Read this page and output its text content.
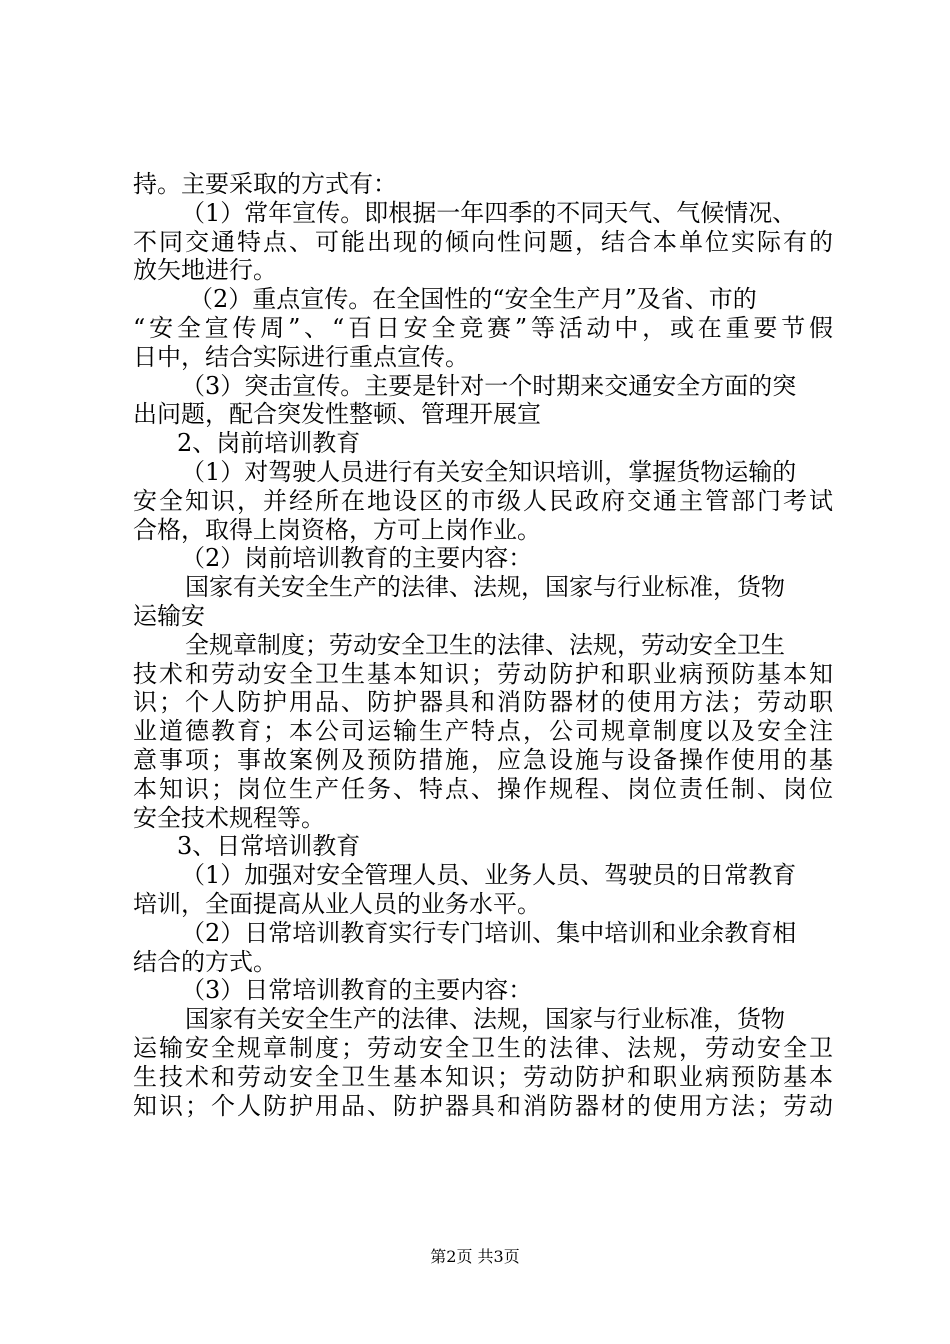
持。主要采取的方式有：
（1）常年宣传。即根据一年四季的不同天气、气候情况、
不同交通特点、可能出现的倾向性问题，结合本单位实际有的
放矢地进行。
（2）重点宣传。在全国性的“安全生产月”及省、市的
“安全宣传周”、“百日安全竞赛”等活动中，或在重要节假
日中，结合实际进行重点宣传。
（3）突击宣传。主要是针对一个时期来交通安全方面的突
出问题，配合突发性整顿、管理开展宣
2、岗前培训教育
（1）对驾驶人员进行有关安全知识培训，掌握货物运输的
安全知识，并经所在地设区的市级人民政府交通主管部门考试
合格，取得上岗资格，方可上岗作业。
（2）岗前培训教育的主要内容：
国家有关安全生产的法律、法规，国家与行业标准，货物
运输安
全规章制度；劳动安全卫生的法律、法规，劳动安全卫生
技术和劳动安全卫生基本知识；劳动防护和职业病预防基本知
识；个人防护用品、防护器具和消防器材的使用方法；劳动职
业道德教育；本公司运输生产特点，公司规章制度以及安全注
意事项；事故案例及预防措施，应急设施与设备操作使用的基
本知识；岗位生产任务、特点、操作规程、岗位责任制、岗位
安全技术规程等。
3、日常培训教育
（1）加强对安全管理人员、业务人员、驾驶员的日常教育
培训，全面提高从业人员的业务水平。
（2）日常培训教育实行专门培训、集中培训和业余教育相
结合的方式。
（3）日常培训教育的主要内容：
国家有关安全生产的法律、法规，国家与行业标准，货物
运输安全规章制度；劳动安全卫生的法律、法规，劳动安全卫
生技术和劳动安全卫生基本知识；劳动防护和职业病预防基本
知识；个人防护用品、防护器具和消防器材的使用方法；劳动
第2页 共3页
